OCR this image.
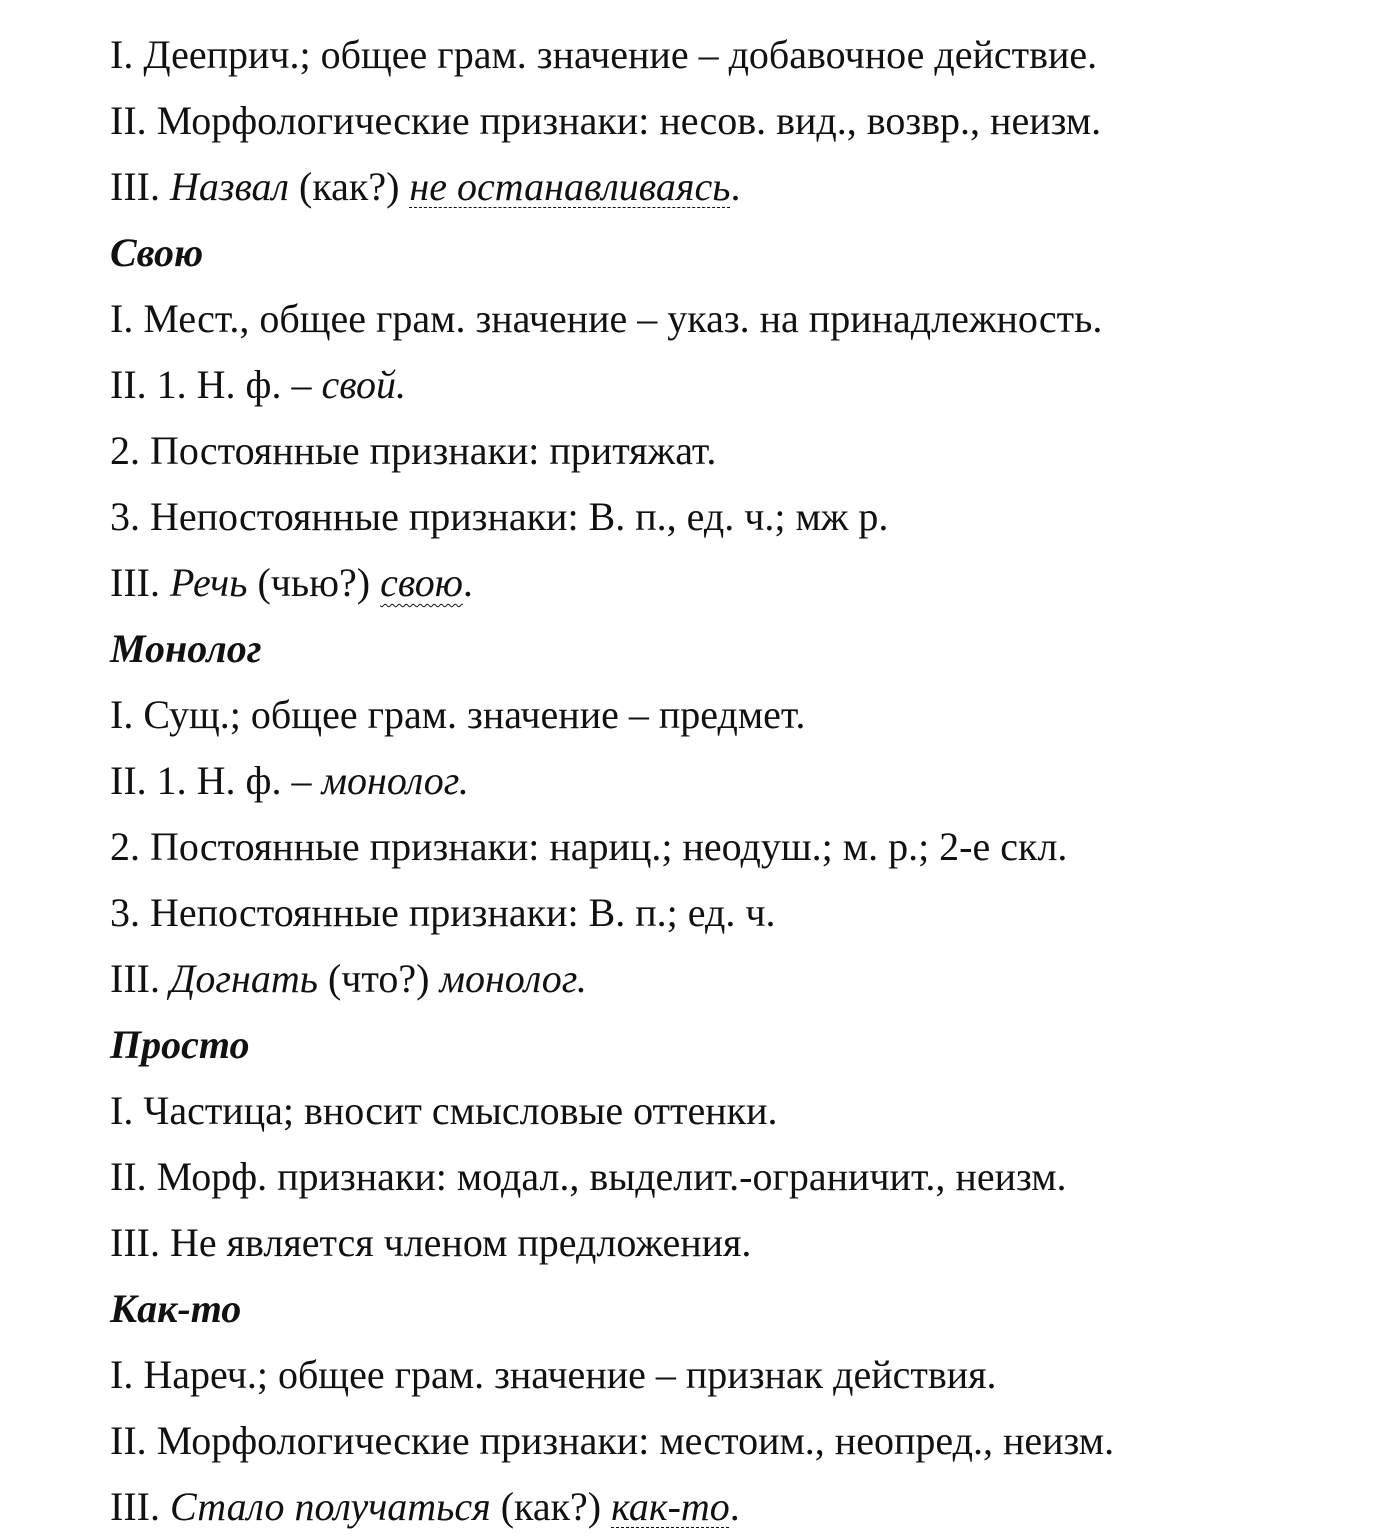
I. Дееприч.; общее грам. значение – добавочное действие.
II. Морфологические признаки: несов. вид., возвр., неизм.
III. Назвал (как?) не останавливаясь.
Свою
I. Мест., общее грам. значение – указ. на принадлежность.
II. 1. Н. ф. – свой.
2. Постоянные признаки: притяжат.
3. Непостоянные признаки: В. п., ед. ч.; мж р.
III. Речь (чью?) свою.
Монолог
I. Сущ.; общее грам. значение – предмет.
II. 1. Н. ф. – монолог.
2. Постоянные признаки: нариц.; неодуш.; м. р.; 2-е скл.
3. Непостоянные признаки: В. п.; ед. ч.
III. Догнать (что?) монолог.
Просто
I. Частица; вносит смысловые оттенки.
II. Морф. признаки: модал., выделит.-ограничит., неизм.
III. Не является членом предложения.
Как-то
I. Нареч.; общее грам. значение – признак действия.
II. Морфологические признаки: местоим., неопред., неизм.
III. Стало получаться (как?) как-то.
